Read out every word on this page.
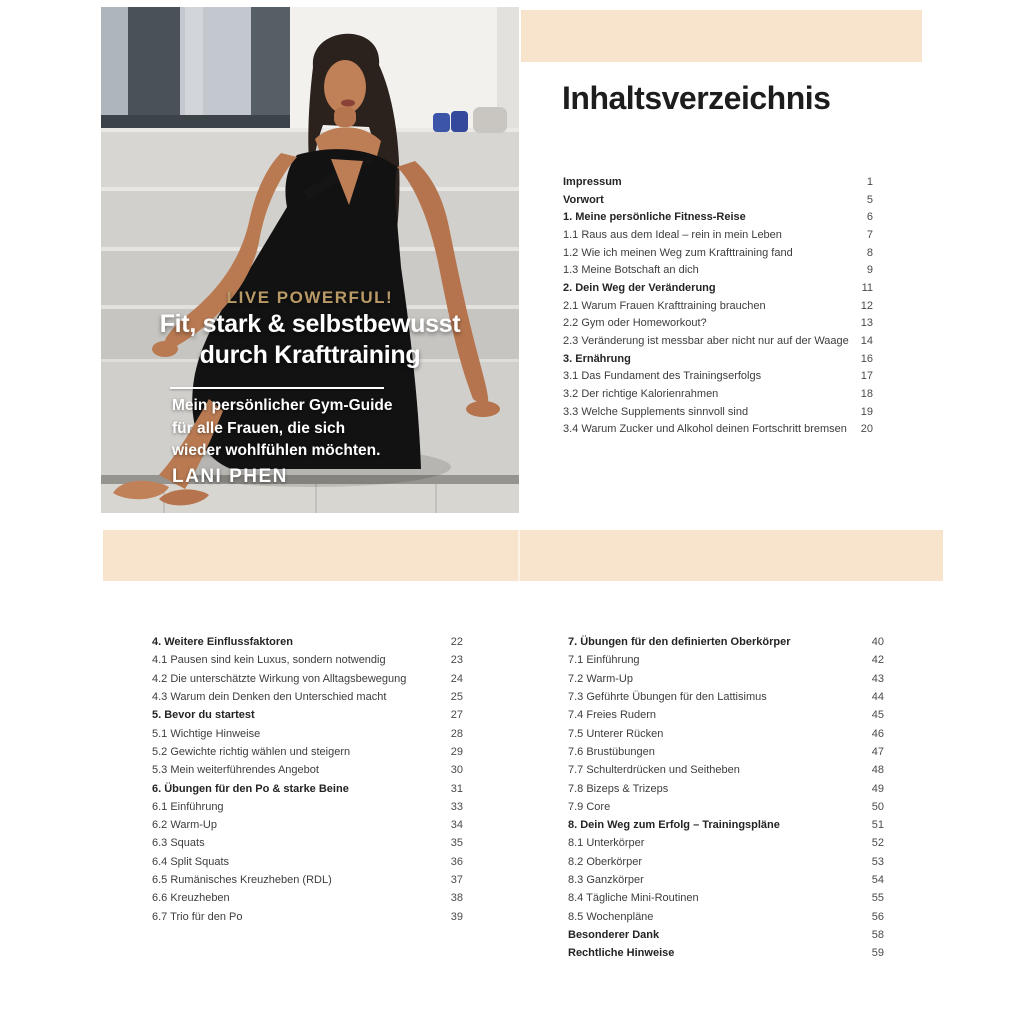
LIVE POWERFUL!
Fit, stark & selbstbewusst
durch Krafttraining
Mein persönlicher Gym-Guide
für alle Frauen, die sich
wieder wohlfühlen möchten.
LANI PHEN
Inhaltsverzeichnis
Impressum	1
Vorwort	5
1. Meine persönliche Fitness-Reise	6
1.1 Raus aus dem Ideal – rein in mein Leben	7
1.2 Wie ich meinen Weg zum Krafttraining fand	8
1.3 Meine Botschaft an dich	9
2. Dein Weg der Veränderung	11
2.1 Warum Frauen Krafttraining brauchen	12
2.2 Gym oder Homeworkout?	13
2.3 Veränderung ist messbar aber nicht nur auf der Waage 14
3. Ernährung	16
3.1 Das Fundament des Trainingserfolgs	17
3.2 Der richtige Kalorienrahmen	18
3.3 Welche Supplements sinnvoll sind	19
3.4 Warum Zucker und Alkohol deinen Fortschritt bremsen 20
4. Weitere Einflussfaktoren	22
4.1 Pausen sind kein Luxus, sondern notwendig	23
4.2 Die unterschätzte Wirkung von Alltagsbewegung	24
4.3 Warum dein Denken den Unterschied macht	25
5. Bevor du startest	27
5.1 Wichtige Hinweise	28
5.2 Gewichte richtig wählen und steigern	29
5.3 Mein weiterführendes Angebot	30
6. Übungen für den Po & starke Beine	31
6.1 Einführung	33
6.2 Warm-Up	34
6.3 Squats	35
6.4 Split Squats	36
6.5 Rumänisches Kreuzheben (RDL)	37
6.6 Kreuzheben	38
6.7 Trio für den Po	39
7. Übungen für den definierten Oberkörper	40
7.1 Einführung	42
7.2 Warm-Up	43
7.3 Geführte Übungen für den Lattisimus	44
7.4 Freies Rudern	45
7.5 Unterer Rücken	46
7.6 Brustübungen	47
7.7 Schulterdrücken und Seitheben	48
7.8 Bizeps & Trizeps	49
7.9 Core	50
8. Dein Weg zum Erfolg – Trainingspläne	51
8.1 Unterkörper	52
8.2 Oberkörper	53
8.3 Ganzkörper	54
8.4 Tägliche Mini-Routinen	55
8.5 Wochenpläne	56
Besonderer Dank	58
Rechtliche Hinweise	59
